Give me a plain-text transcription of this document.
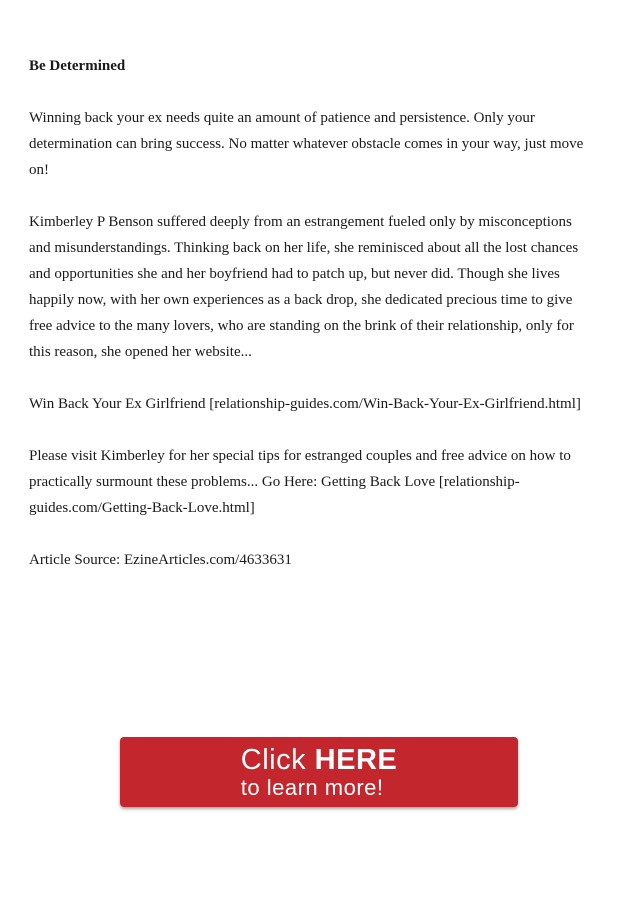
Be Determined

Winning back your ex needs quite an amount of patience and persistence. Only your determination can bring success. No matter whatever obstacle comes in your way, just move on!

Kimberley P Benson suffered deeply from an estrangement fueled only by misconceptions and misunderstandings. Thinking back on her life, she reminisced about all the lost chances and opportunities she and her boyfriend had to patch up, but never did. Though she lives happily now, with her own experiences as a back drop, she dedicated precious time to give free advice to the many lovers, who are standing on the brink of their relationship, only for this reason, she opened her website...

Win Back Your Ex Girlfriend [relationship-guides.com/Win-Back-Your-Ex-Girlfriend.html]

Please visit Kimberley for her special tips for estranged couples and free advice on how to practically surmount these problems... Go Here: Getting Back Love [relationship-guides.com/Getting-Back-Love.html]

Article Source: EzineArticles.com/4633631

Click HERE
to learn more!
